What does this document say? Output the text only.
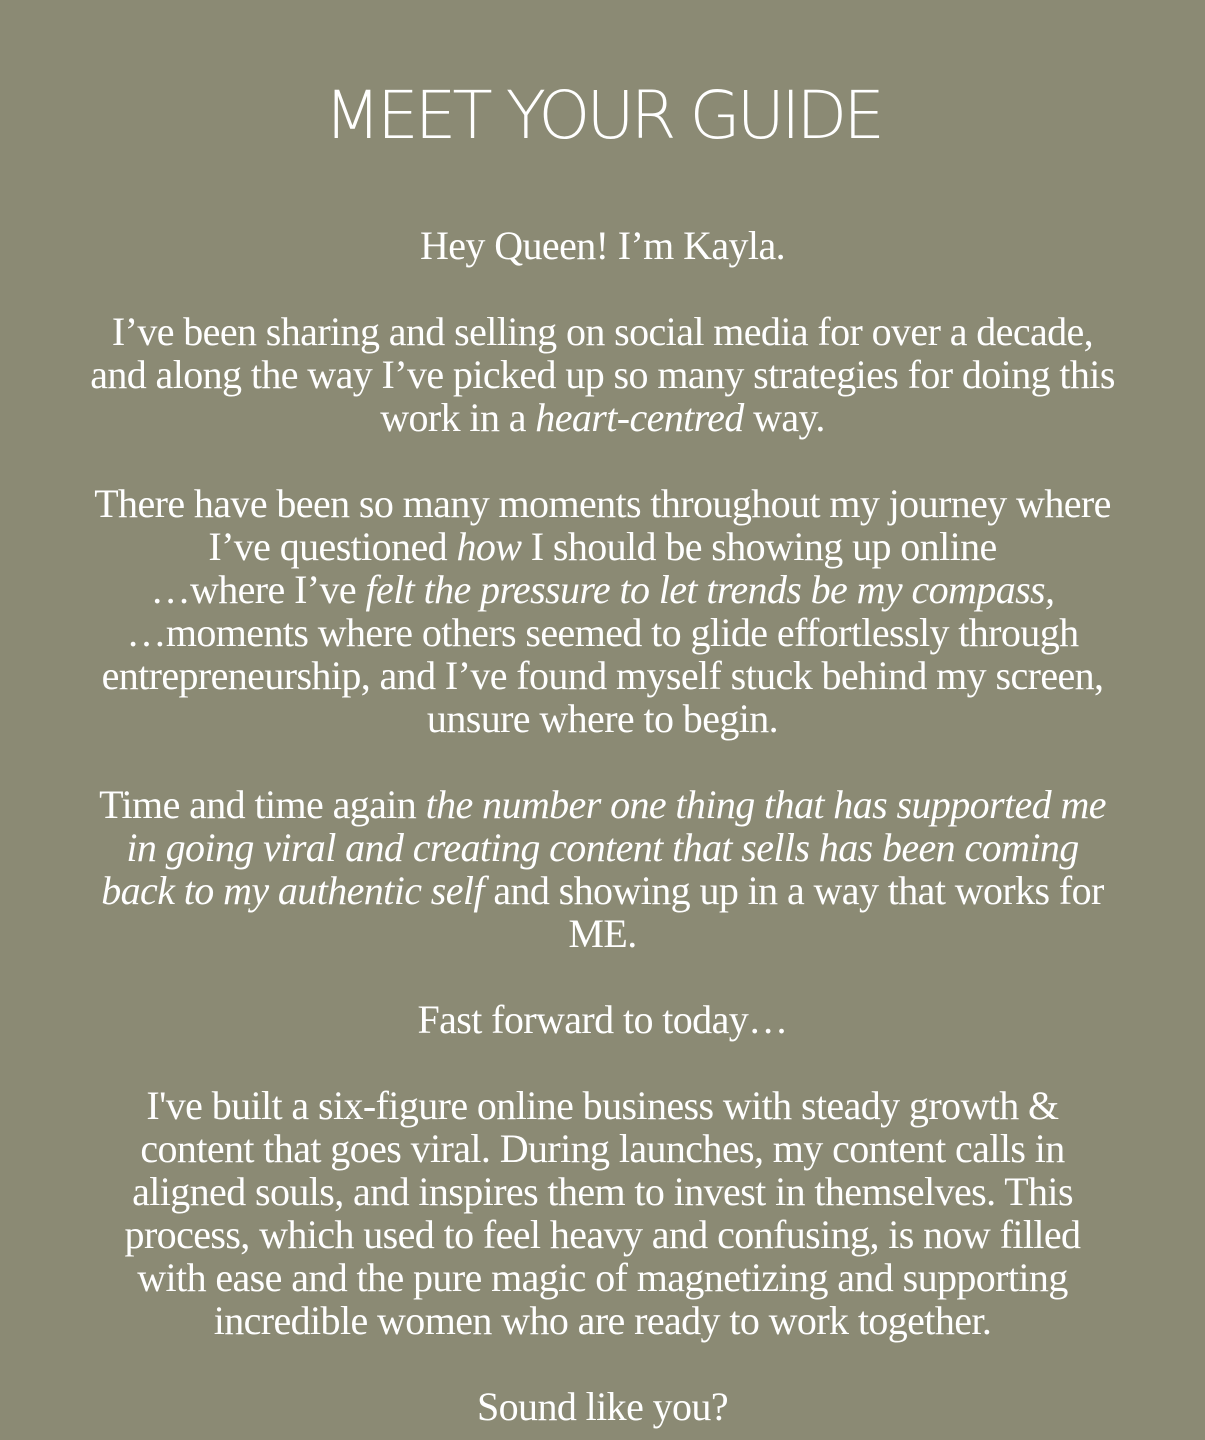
MEET YOUR GUIDE

Hey Queen! I’m Kayla.

I’ve been sharing and selling on social media for over a decade, and along the way I’ve picked up so many strategies for doing this work in a heart-centred way.

There have been so many moments throughout my journey where I’ve questioned how I should be showing up online
…where I’ve felt the pressure to let trends be my compass,
…moments where others seemed to glide effortlessly through entrepreneurship, and I’ve found myself stuck behind my screen, unsure where to begin.

Time and time again the number one thing that has supported me in going viral and creating content that sells has been coming back to my authentic self and showing up in a way that works for ME.

Fast forward to today…

I've built a six-figure online business with steady growth & content that goes viral. During launches, my content calls in aligned souls, and inspires them to invest in themselves. This process, which used to feel heavy and confusing, is now filled with ease and the pure magic of magnetizing and supporting incredible women who are ready to work together.

Sound like you?
